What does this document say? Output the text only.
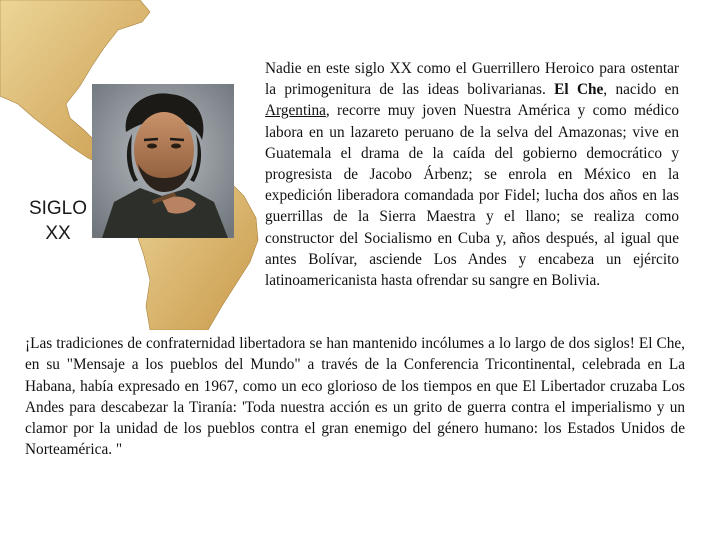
SIGLO
XX

Nadie en este siglo XX como el Guerrillero Heroico para ostentar la primogenitura de las ideas bolivarianas. El Che, nacido en Argentina, recorre muy joven Nuestra América y como médico labora en un lazareto peruano de la selva del Amazonas; vive en Guatemala el drama de la caída del gobierno democrático y progresista de Jacobo Árbenz; se enrola en México en la expedición liberadora comandada por Fidel; lucha dos años en las guerrillas de la Sierra Maestra y el llano; se realiza como constructor del Socialismo en Cuba y, años después, al igual que antes Bolívar, asciende Los Andes y encabeza un ejército latinoamericanista hasta ofrendar su sangre en Bolivia.

¡Las tradiciones de confraternidad libertadora se han mantenido incólumes a lo largo de dos siglos! El Che, en su "Mensaje a los pueblos del Mundo" a través de la Conferencia Tricontinental, celebrada en La Habana, había expresado en 1967, como un eco glorioso de los tiempos en que El Libertador cruzaba Los Andes para descabezar la Tiranía: 'Toda nuestra acción es un grito de guerra contra el imperialismo y un clamor por la unidad de los pueblos contra el gran enemigo del género humano: los Estados Unidos de Norteamérica. "
